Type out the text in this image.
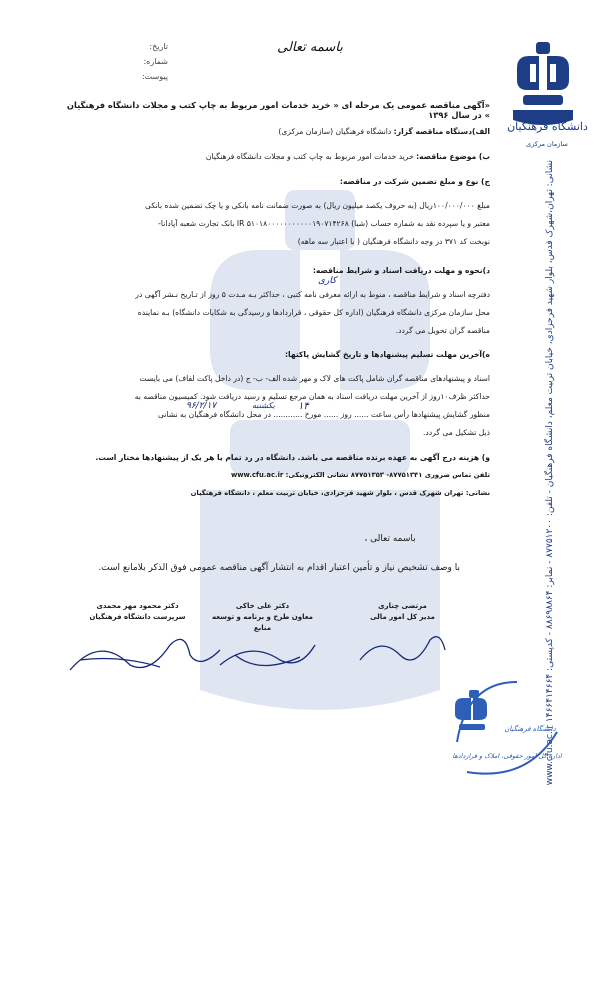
دانشگاه فرهنگیان
سازمان مرکزی
باسمه تعالی
تاریخ:
شماره:
پیوست:
«آگهی مناقصه عمومی یک مرحله ای « خرید خدمات امور مربوط به چاپ کتب و مجلات دانشگاه فرهنگیان » در سال ۱۳۹۶
الف)دستگاه مناقصه گزار: دانشگاه فرهنگیان (سازمان مرکزی)
ب) موضوع مناقصه: خرید خدمات امور مربوط به چاپ کتب و مجلات دانشگاه فرهنگیان
ج) نوع و مبلغ تضمین شرکت در مناقصه:
مبلغ ۱۰۰/۰۰۰/۰۰۰ریال (به حروف یکصد میلیون ریال) به صورت ضمانت نامه بانکی و یا چک تضمین شده بانکی
معتبر و یا سپرده نقد به شماره حساب (شبا) IR ۵۱۰۱۸۰۰۰۰۰۰۰۰۰۰۰۱۹۰۷۱۴۲۶۸ بانک تجارت شعبه آپادانا-
نوبخت کد ۳۷۱ در وجه دانشگاه فرهنگیان ( با اعتبار سه ماهه)
د)نحوه و مهلت دریافت اسناد و شرایط مناقصه:
دفترچه اسناد و شرایط مناقصه ، منوط به ارائه معرفی نامه کتبی ، حداکثر بـه مـدت ۵ روز از تـاریخ نـشر آگهی در
محل سازمان مرکزی دانشگاه فرهنگیان (اداره کل حقوقی ، قراردادها و رسیدگی به شکایات دانشگاه) بـه نماینده
مناقصه گران تحویل می گردد.
ه)آخرین مهلت تسلیم پیشنهادها و تاریخ گشایش پاکتها:
اسناد و پیشنهادهای مناقصه گران شامل پاکت های لاک و مهر شده الف- ب- ج (در داخل پاکت لفاف) می بایست
حداکثر ظرف۱۰روز از آخرین مهلت دریافت اسناد به همان مرجع تسلیم و رسید دریافت شود. کمیسیون مناقصه به
منظور گشایش پیشنهادها رأس ساعت ...... روز ...... مورخ ............ در محل دانشگاه فرهنگیان به نشانی
ذیل تشکیل می گردد.
کاری
۱۴
یکشنبه
۹۶/۲/۱۷
و) هزینه درج آگهی به عهده برنده مناقصه می باشد. دانشگاه در رد تمام یا هر یک از پیشنهادها مختار است.
تلفن تماس ضروری ۸۷۷۵۱۳۴۱- ۸۷۷۵۱۳۵۳ نشانی الکترونیکی: www.cfu.ac.ir
نشانی: تهران شهرک قدس ، بلوار شهید فرحزادی، خیابان تربیت معلم ، دانشگاه فرهنگیان
باسمه تعالی ،
با وصف تشخیص نیاز و تأمین اعتبار اقدام به انتشار آگهی مناقصه عمومی فوق الذکر بلامانع است.
مرتضی چناری
مدیر کل امور مالی
دکتر علی خاکی
معاون طرح و برنامه و توسعه منابع
دکتر محمود مهر محمدی
سرپرست دانشگاه فرهنگیان
نشانی: تهران،شهرک قدس، بلوار شهید فرحزادی، خیابان تربیت معلم، دانشگاه فرهنگیان - تلفن: ۸۷۷۵۱۲۰۰ - نمابر: ۸۸۶۹۸۸۶۴ - کدپستی: ۱۴۶۶۴۱۴۶۶۴ www.cfu.ac.ir
دانشگاه فرهنگیان
اداره کل امور حقوقی، املاک و قراردادها
